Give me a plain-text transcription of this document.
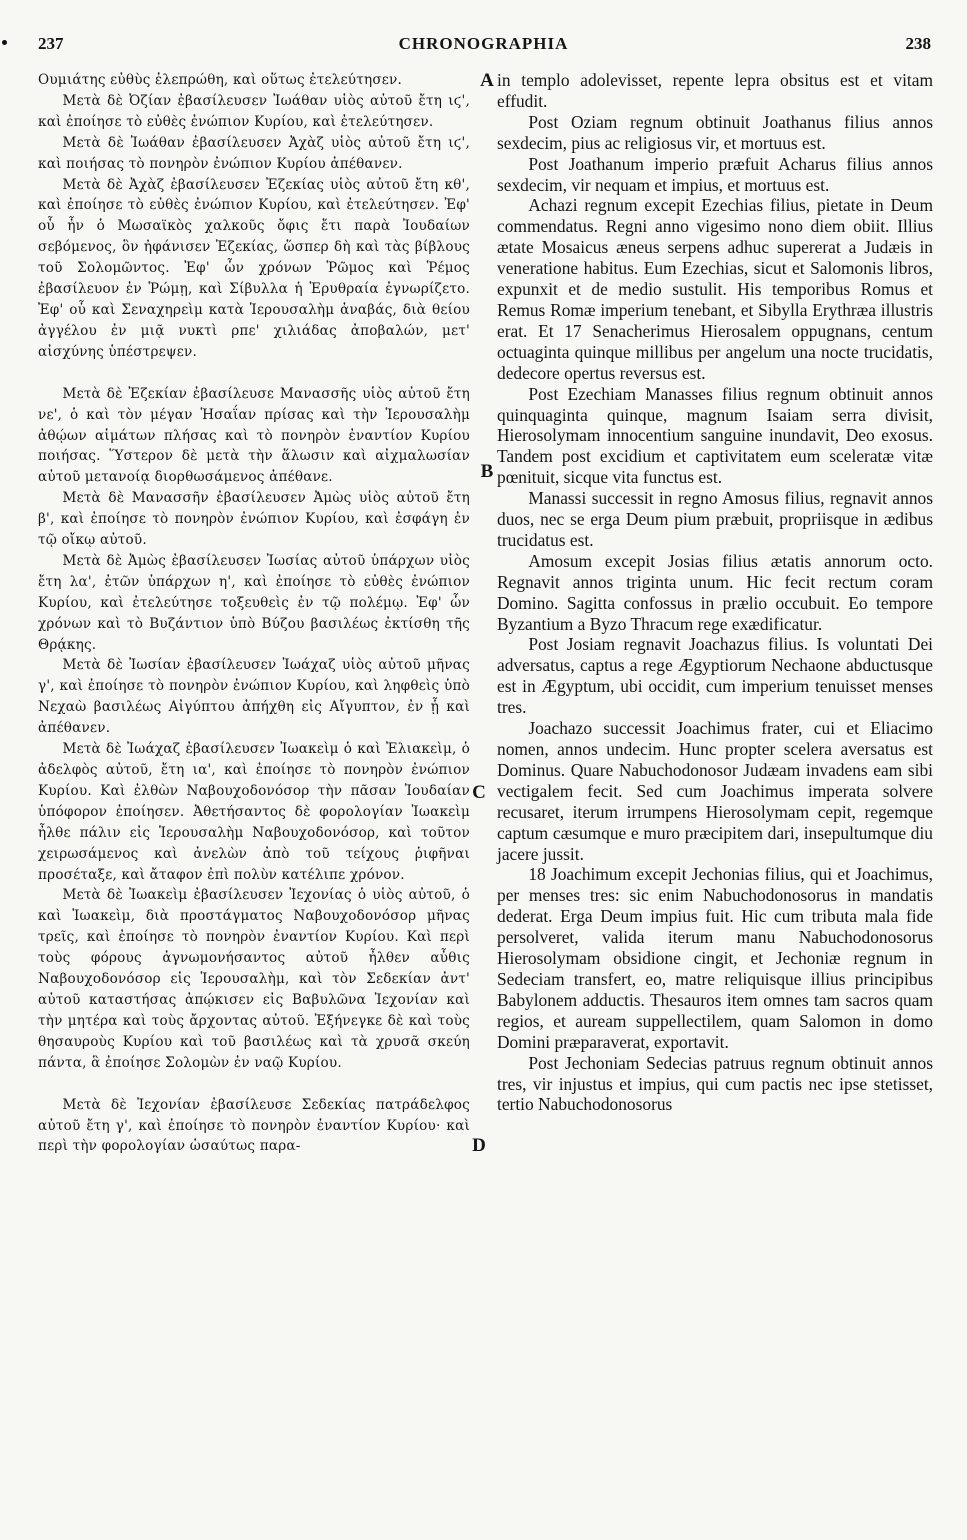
237	CHRONOGRAPHIA	238

Ουμιάτης εὐθὺς ἐλεπρώθη, καὶ οὕτως ἐτελεύτησεν.

Μετὰ δὲ Ὀζίαν ἐβασίλευσεν Ἰωάθαν υἱὸς αὐτοῦ ἔτη ιϛ', καὶ ἐποίησε τὸ εὐθὲς ἐνώπιον Κυρίου, καὶ ἐτελεύτησεν.

Μετὰ δὲ Ἰωάθαν ἐβασίλευσεν Ἀχὰζ υἱὸς αὐτοῦ ἔτη ιϛ', καὶ ποιήσας τὸ πονηρὸν ἐνώπιον Κυρίου ἀπέθανεν.

Μετὰ δὲ Ἀχὰζ ἐβασίλευσεν Ἐζεκίας υἱὸς αὐτοῦ ἔτη κθ', καὶ ἐποίησε τὸ εὐθὲς ἐνώπιον Κυρίου, καὶ ἐτελεύτησεν. Ἐφ' οὗ ἦν ὁ Μωσαϊκὸς χαλκοῦς ὄφις ἔτι παρὰ Ἰουδαίων σεβόμενος, ὃν ἠφάνισεν Ἐζεκίας, ὥσπερ δὴ καὶ τὰς βίβλους τοῦ Σολομῶντος. Ἐφ' ὧν χρόνων Ῥῶμος καὶ Ῥέμος ἐβασίλευον ἐν Ῥώμῃ, καὶ Σίβυλλα ἡ Ἐρυθραία ἐγνωρίζετο. Ἐφ' οὗ καὶ Σεναχηρεὶμ κατὰ Ἱερουσαλὴμ ἀναβάς, διὰ θείου ἀγγέλου ἐν μιᾷ νυκτὶ ρπε' χιλιάδας ἀποβαλών, μετ' αἰσχύνης ὑπέστρεψεν.

Μετὰ δὲ Ἐζεκίαν ἐβασίλευσε Μανασσῆς υἱὸς αὐτοῦ ἔτη νε', ὁ καὶ τὸν μέγαν Ἡσαΐαν πρίσας καὶ τὴν Ἱερουσαλὴμ ἀθῴων αἱμάτων πλήσας καὶ τὸ πονηρὸν ἐναντίον Κυρίου ποιήσας. Ὕστερον δὲ μετὰ τὴν ἅλωσιν καὶ αἰχμαλωσίαν αὐτοῦ μετανοίᾳ διορθωσάμενος ἀπέθανε.

Μετὰ δὲ Μανασσῆν ἐβασίλευσεν Ἀμὼς υἱὸς αὐτοῦ ἔτη β', καὶ ἐποίησε τὸ πονηρὸν ἐνώπιον Κυρίου, καὶ ἐσφάγη ἐν τῷ οἴκῳ αὐτοῦ.

Μετὰ δὲ Ἀμὼς ἐβασίλευσεν Ἰωσίας αὐτοῦ ὑπάρχων υἱὸς ἔτη λα', ἐτῶν ὑπάρχων η', καὶ ἐποίησε τὸ εὐθὲς ἐνώπιον Κυρίου, καὶ ἐτελεύτησε τοξευθεὶς ἐν τῷ πολέμῳ. Ἐφ' ὧν χρόνων καὶ τὸ Βυζάντιον ὑπὸ Βύζου βασιλέως ἐκτίσθη τῆς Θρᾴκης.

Μετὰ δὲ Ἰωσίαν ἐβασίλευσεν Ἰωάχαζ υἱὸς αὐτοῦ μῆνας γ', καὶ ἐποίησε τὸ πονηρὸν ἐνώπιον Κυρίου, καὶ ληφθεὶς ὑπὸ Νεχαὼ βασιλέως Αἰγύπτου ἀπήχθη εἰς Αἴγυπτον, ἐν ᾗ καὶ ἀπέθανεν.

Μετὰ δὲ Ἰωάχαζ ἐβασίλευσεν Ἰωακεὶμ ὁ καὶ Ἐλιακεὶμ, ὁ ἀδελφὸς αὐτοῦ, ἔτη ια', καὶ ἐποίησε τὸ πονηρὸν ἐνώπιον Κυρίου. Καὶ ἐλθὼν Ναβουχοδονόσορ τὴν πᾶσαν Ἰουδαίαν ὑπόφορον ἐποίησεν. Ἀθετήσαντος δὲ φορολογίαν Ἰωακεὶμ ἦλθε πάλιν εἰς Ἱερουσαλὴμ Ναβουχοδονόσορ, καὶ τοῦτον χειρωσάμενος καὶ ἀνελὼν ἀπὸ τοῦ τείχους ῥιφῆναι προσέταξε, καὶ ἄταφον ἐπὶ πολὺν κατέλιπε χρόνον.

Μετὰ δὲ Ἰωακεὶμ ἐβασίλευσεν Ἰεχονίας ὁ υἱὸς αὐτοῦ, ὁ καὶ Ἰωακεὶμ, διὰ προστάγματος Ναβουχοδονόσορ μῆνας τρεῖς, καὶ ἐποίησε τὸ πονηρὸν ἐναντίον Κυρίου. Καὶ περὶ τοὺς φόρους ἀγνωμονήσαντος αὐτοῦ ἦλθεν αὖθις Ναβουχοδονόσορ εἰς Ἱερουσαλὴμ, καὶ τὸν Σεδεκίαν ἀντ' αὐτοῦ καταστήσας ἀπῴκισεν εἰς Βαβυλῶνα Ἰεχονίαν καὶ τὴν μητέρα καὶ τοὺς ἄρχοντας αὐτοῦ. Ἐξήνεγκε δὲ καὶ τοὺς θησαυροὺς Κυρίου καὶ τοῦ βασιλέως καὶ τὰ χρυσᾶ σκεύη πάντα, ἃ ἐποίησε Σολομὼν ἐν ναῷ Κυρίου.

Μετὰ δὲ Ἰεχονίαν ἐβασίλευσε Σεδεκίας πατράδελφος αὐτοῦ ἔτη γ', καὶ ἐποίησε τὸ πονηρὸν ἐναντίον Κυρίου· καὶ περὶ τὴν φορολογίαν ὡσαύτως παρα-

A
B
C
D

in templo adolevisset, repente lepra obsitus est et vitam effudit.

Post Oziam regnum obtinuit Joathanus filius annos sexdecim, pius ac religiosus vir, et mortuus est.

Post Joathanum imperio præfuit Acharus filius annos sexdecim, vir nequam et impius, et mortuus est.

Achazi regnum excepit Ezechias filius, pietate in Deum commendatus. Regni anno vigesimo nono diem obiit. Illius ætate Mosaicus æneus serpens adhuc supererat a Judæis in veneratione habitus. Eum Ezechias, sicut et Salomonis libros, expunxit et de medio sustulit. His temporibus Romus et Remus Romæ imperium tenebant, et Sibylla Erythræa illustris erat. Et 17 Senacherimus Hierosalem oppugnans, centum octuaginta quinque millibus per angelum una nocte trucidatis, dedecore opertus reversus est.

Post Ezechiam Manasses filius regnum obtinuit annos quinquaginta quinque, magnum Isaiam serra divisit, Hierosolymam innocentium sanguine inundavit, Deo exosus. Tandem post excidium et captivitatem eum sceleratæ vitæ pœnituit, sicque vita functus est.

Manassi successit in regno Amosus filius, regnavit annos duos, nec se erga Deum pium præbuit, propriisque in ædibus trucidatus est.

Amosum excepit Josias filius ætatis annorum octo. Regnavit annos triginta unum. Hic fecit rectum coram Domino. Sagitta confossus in prælio occubuit. Eo tempore Byzantium a Byzo Thracum rege exædificatur.

Post Josiam regnavit Joachazus filius. Is voluntati Dei adversatus, captus a rege Ægyptiorum Nechaone abductusque est in Ægyptum, ubi occidit, cum imperium tenuisset menses tres.

Joachazo successit Joachimus frater, cui et Eliacimo nomen, annos undecim. Hunc propter scelera aversatus est Dominus. Quare Nabuchodonosor Judæam invadens eam sibi vectigalem fecit. Sed cum Joachimus imperata solvere recusaret, iterum irrumpens Hierosolymam cepit, regemque captum cæsumque e muro præcipitem dari, insepultumque diu jacere jussit.

18 Joachimum excepit Jechonias filius, qui et Joachimus, per menses tres: sic enim Nabuchodonosorus in mandatis dederat. Erga Deum impius fuit. Hic cum tributa mala fide persolveret, valida iterum manu Nabuchodonosorus Hierosolymam obsidione cingit, et Jechoniæ regnum in Sedeciam transfert, eo, matre reliquisque illius principibus Babylonem adductis. Thesauros item omnes tam sacros quam regios, et auream suppellectilem, quam Salomon in domo Domini præparaverat, exportavit.

Post Jechoniam Sedecias patruus regnum obtinuit annos tres, vir injustus et impius, qui cum pactis nec ipse stetisset, tertio Nabuchodonosorus
